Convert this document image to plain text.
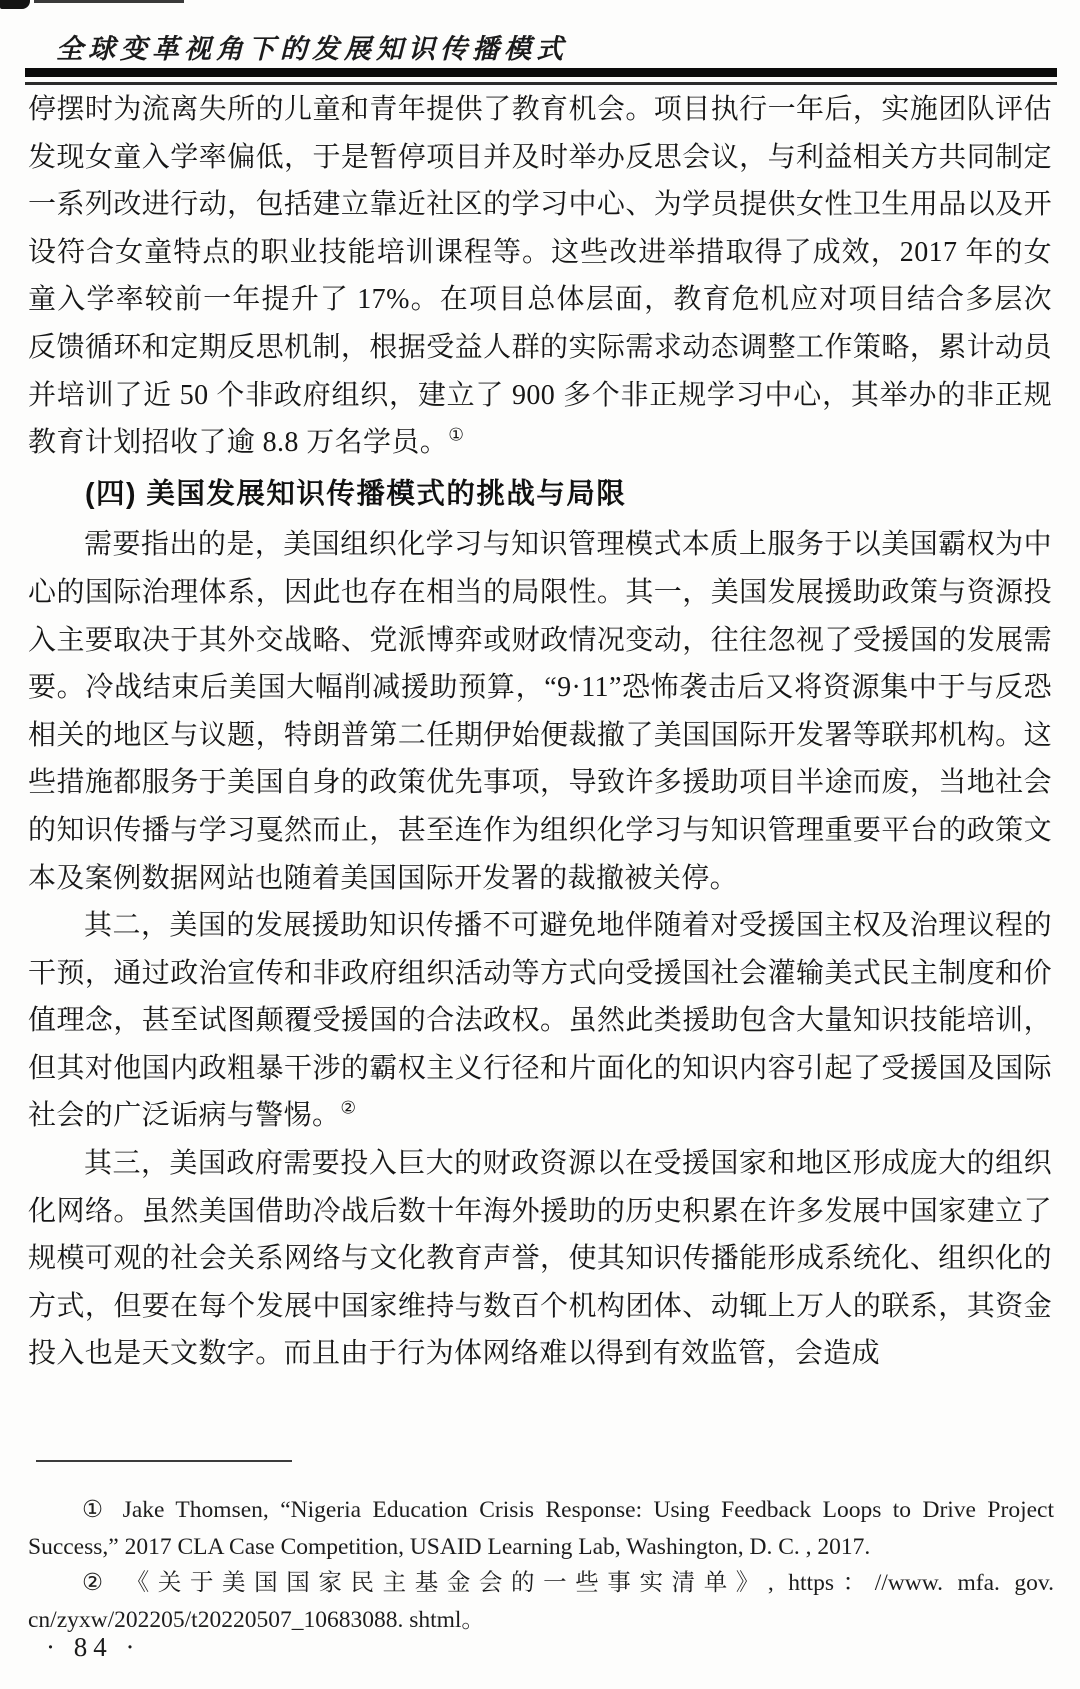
全球变革视角下的发展知识传播模式

停摆时为流离失所的儿童和青年提供了教育机会。项目执行一年后，实施团队评估发现女童入学率偏低，于是暂停项目并及时举办反思会议，与利益相关方共同制定一系列改进行动，包括建立靠近社区的学习中心、为学员提供女性卫生用品以及开设符合女童特点的职业技能培训课程等。这些改进举措取得了成效，2017 年的女童入学率较前一年提升了 17%。在项目总体层面，教育危机应对项目结合多层次反馈循环和定期反思机制，根据受益人群的实际需求动态调整工作策略，累计动员并培训了近 50 个非政府组织，建立了 900 多个非正规学习中心，其举办的非正规教育计划招收了逾 8.8 万名学员。①

(四) 美国发展知识传播模式的挑战与局限

需要指出的是，美国组织化学习与知识管理模式本质上服务于以美国霸权为中心的国际治理体系，因此也存在相当的局限性。其一，美国发展援助政策与资源投入主要取决于其外交战略、党派博弈或财政情况变动，往往忽视了受援国的发展需要。冷战结束后美国大幅削减援助预算，“9·11”恐怖袭击后又将资源集中于与反恐相关的地区与议题，特朗普第二任期伊始便裁撤了美国国际开发署等联邦机构。这些措施都服务于美国自身的政策优先事项，导致许多援助项目半途而废，当地社会的知识传播与学习戛然而止，甚至连作为组织化学习与知识管理重要平台的政策文本及案例数据网站也随着美国国际开发署的裁撤被关停。

其二，美国的发展援助知识传播不可避免地伴随着对受援国主权及治理议程的干预，通过政治宣传和非政府组织活动等方式向受援国社会灌输美式民主制度和价值理念，甚至试图颠覆受援国的合法政权。虽然此类援助包含大量知识技能培训，但其对他国内政粗暴干涉的霸权主义行径和片面化的知识内容引起了受援国及国际社会的广泛诟病与警惕。②

其三，美国政府需要投入巨大的财政资源以在受援国家和地区形成庞大的组织化网络。虽然美国借助冷战后数十年海外援助的历史积累在许多发展中国家建立了规模可观的社会关系网络与文化教育声誉，使其知识传播能形成系统化、组织化的方式，但要在每个发展中国家维持与数百个机构团体、动辄上万人的联系，其资金投入也是天文数字。而且由于行为体网络难以得到有效监管，会造成

① Jake Thomsen, “Nigeria Education Crisis Response: Using Feedback Loops to Drive Project Success,” 2017 CLA Case Competition, USAID Learning Lab, Washington, D. C. , 2017.

② 《关于美国国家民主基金会的一些事实清单》, https：//www. mfa. gov. cn/zyxw/202205/t20220507_10683088. shtml。

· 84 ·
